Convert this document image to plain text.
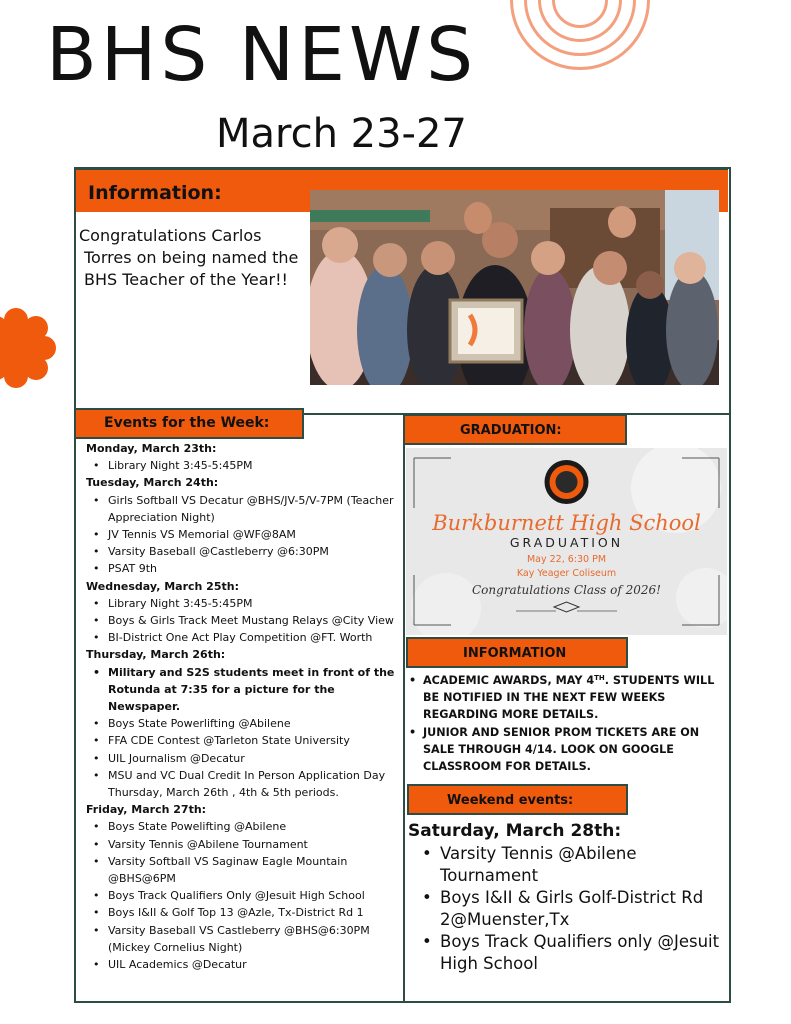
BHS NEWS
March 23-27
Information:
Congratulations Carlos
Torres on being named the
BHS Teacher of the Year!!
Events for the Week:
Monday, March 23th:
• Library Night 3:45-5:45PM
Tuesday, March 24th:
• Girls Softball VS Decatur @BHS/JV-5/V-7PM (Teacher Appreciation Night)
• JV Tennis VS Memorial @WF@8AM
• Varsity Baseball @Castleberry @6:30PM
• PSAT 9th
Wednesday, March 25th:
• Library Night 3:45-5:45PM
• Boys & Girls Track Meet Mustang Relays @City View
• BI-District One Act Play Competition @FT. Worth
Thursday, March 26th:
• Military and S2S students meet in front of the Rotunda at 7:35 for a picture for the Newspaper.
• Boys State Powerlifting @Abilene
• FFA CDE Contest @Tarleton State University
• UIL Journalism @Decatur
• MSU and VC Dual Credit In Person Application Day Thursday, March 26th , 4th & 5th periods.
Friday, March 27th:
• Boys State Powelifting @Abilene
• Varsity Tennis @Abilene Tournament
• Varsity Softball VS Saginaw Eagle Mountain @BHS@6PM
• Boys Track Qualifiers Only @Jesuit High School
• Boys I&II & Golf Top 13 @Azle, Tx-District Rd 1
• Varsity Baseball VS Castleberry @BHS@6:30PM (Mickey Cornelius Night)
• UIL Academics @Decatur
GRADUATION:
Burkburnett High School
GRADUATION
May 22, 6:30 PM
Kay Yeager Coliseum
Congratulations Class of 2026!
INFORMATION
• ACADEMIC AWARDS, MAY 4TH. STUDENTS WILL BE NOTIFIED IN THE NEXT FEW WEEKS REGARDING MORE DETAILS.
• JUNIOR AND SENIOR PROM TICKETS ARE ON SALE THROUGH 4/14. LOOK ON GOOGLE CLASSROOM FOR DETAILS.
Weekend events:
Saturday, March 28th:
• Varsity Tennis @Abilene Tournament
• Boys I&II & Girls Golf-District Rd 2@Muenster,Tx
• Boys Track Qualifiers only @Jesuit High School
